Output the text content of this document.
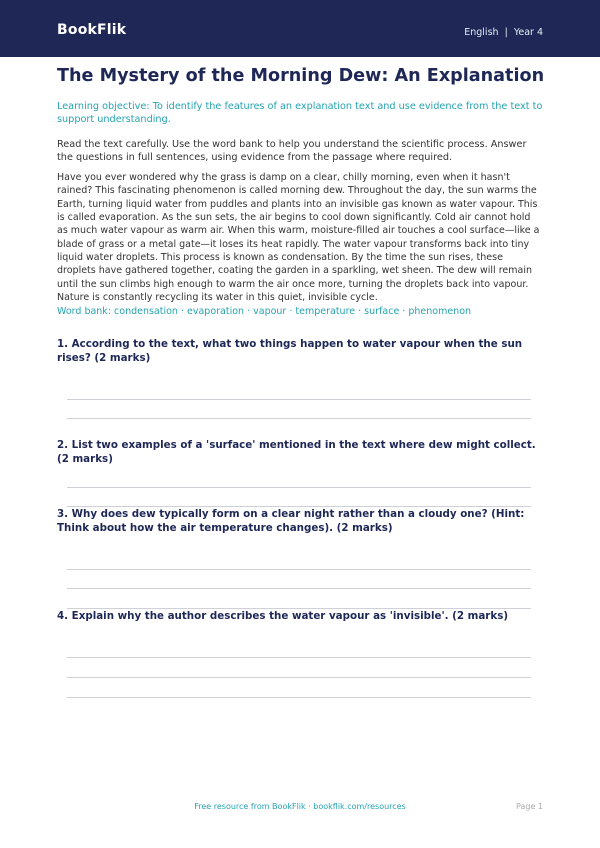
BookFlik	English  |  Year 4
The Mystery of the Morning Dew: An Explanation
Learning objective: To identify the features of an explanation text and use evidence from the text to support understanding.
Read the text carefully. Use the word bank to help you understand the scientific process. Answer the questions in full sentences, using evidence from the passage where required.
Have you ever wondered why the grass is damp on a clear, chilly morning, even when it hasn't rained? This fascinating phenomenon is called morning dew. Throughout the day, the sun warms the Earth, turning liquid water from puddles and plants into an invisible gas known as water vapour. This is called evaporation. As the sun sets, the air begins to cool down significantly. Cold air cannot hold as much water vapour as warm air. When this warm, moisture-filled air touches a cool surface—like a blade of grass or a metal gate—it loses its heat rapidly. The water vapour transforms back into tiny liquid water droplets. This process is known as condensation. By the time the sun rises, these droplets have gathered together, coating the garden in a sparkling, wet sheen. The dew will remain until the sun climbs high enough to warm the air once more, turning the droplets back into vapour. Nature is constantly recycling its water in this quiet, invisible cycle.
Word bank: condensation · evaporation · vapour · temperature · surface · phenomenon
1. According to the text, what two things happen to water vapour when the sun rises? (2 marks)
2. List two examples of a 'surface' mentioned in the text where dew might collect. (2 marks)
3. Why does dew typically form on a clear night rather than a cloudy one? (Hint: Think about how the air temperature changes). (2 marks)
4. Explain why the author describes the water vapour as 'invisible'. (2 marks)
Free resource from BookFlik · bookflik.com/resources	Page 1
